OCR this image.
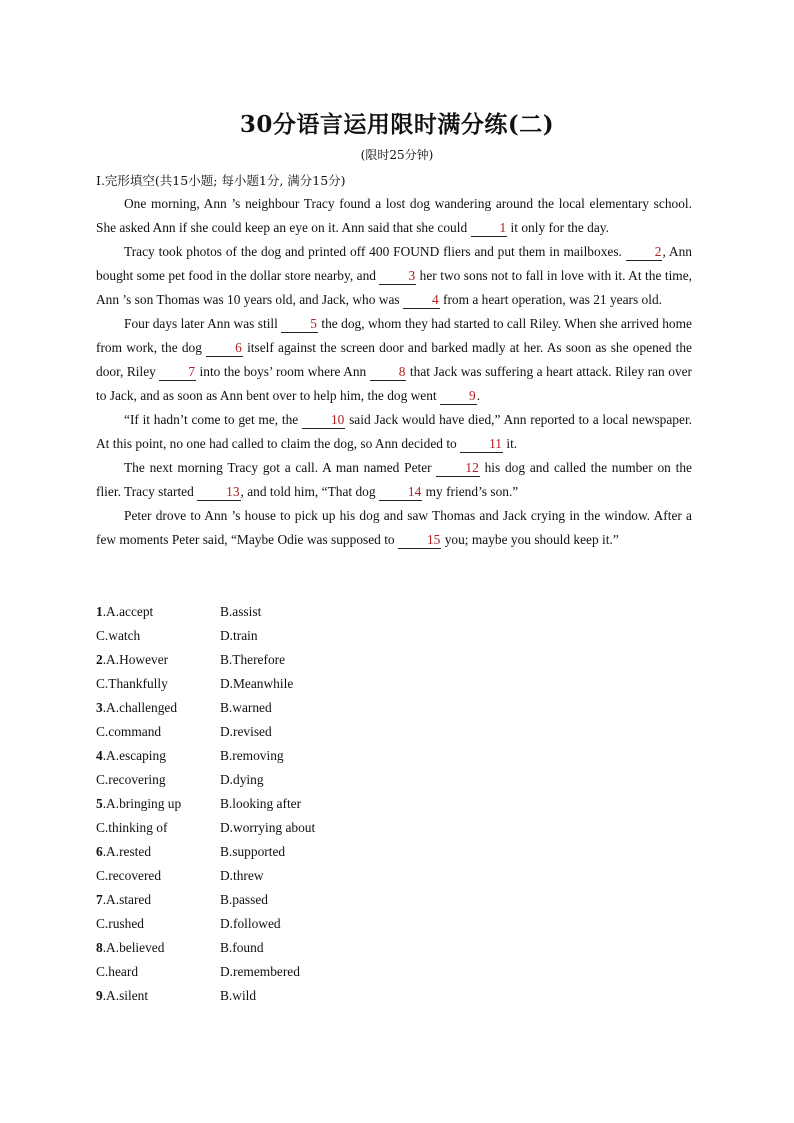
30分语言运用限时满分练(二)
(限时25分钟)
Ⅰ.完形填空(共15小题; 每小题1分, 满分15分)

One morning, Ann ’s neighbour Tracy found a lost dog wandering around the local elementary school. She asked Ann if she could keep an eye on it. Ann said that she could 1 it only for the day.

Tracy took photos of the dog and printed off 400 FOUND fliers and put them in mailboxes. 2, Ann bought some pet food in the dollar store nearby, and 3 her two sons not to fall in love with it. At the time, Ann ’s son Thomas was 10 years old, and Jack, who was 4 from a heart operation, was 21 years old.

Four days later Ann was still 5 the dog, whom they had started to call Riley. When she arrived home from work, the dog 6 itself against the screen door and barked madly at her. As soon as she opened the door, Riley 7 into the boys’ room where Ann 8 that Jack was suffering a heart attack. Riley ran over to Jack, and as soon as Ann bent over to help him, the dog went 9.

“If it hadn’t come to get me, the 10 said Jack would have died,” Ann reported to a local newspaper. At this point, no one had called to claim the dog, so Ann decided to 11 it.

The next morning Tracy got a call. A man named Peter 12 his dog and called the number on the flier. Tracy started 13, and told him, “That dog 14 my friend’s son.”

Peter drove to Ann ’s house to pick up his dog and saw Thomas and Jack crying in the window. After a few moments Peter said, “Maybe Odie was supposed to 15 you; maybe you should keep it.”

1.A.accept	B.assist
C.watch	D.train
2.A.However	B.Therefore
C.Thankfully	D.Meanwhile
3.A.challenged	B.warned
C.command	D.revised
4.A.escaping	B.removing
C.recovering	D.dying
5.A.bringing up	B.looking after
C.thinking of	D.worrying about
6.A.rested	B.supported
C.recovered	D.threw
7.A.stared	B.passed
C.rushed	D.followed
8.A.believed	B.found
C.heard	D.remembered
9.A.silent	B.wild
